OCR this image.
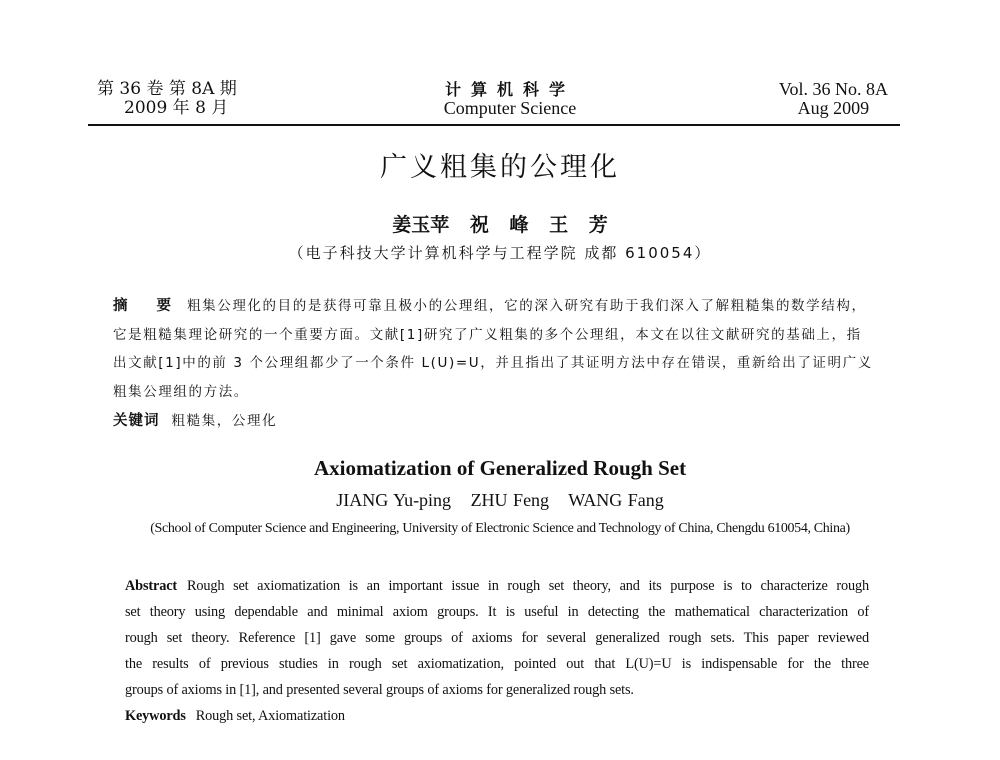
第 36 卷 第 8A 期
2009 年 8 月
计算机科学
Computer Science
Vol. 36 No. 8A
Aug 2009
广义粗集的公理化
姜玉苹 祝 峰 王 芳
（电子科技大学计算机科学与工程学院 成都 610054）
摘 要 粗集公理化的目的是获得可靠且极小的公理组，它的深入研究有助于我们深入了解粗糙集的数学结构，
它是粗糙集理论研究的一个重要方面。文献[1]研究了广义粗集的多个公理组，本文在以往文献研究的基础上，指
出文献[1]中的前 3 个公理组都少了一个条件 L(U)=U，并且指出了其证明方法中存在错误，重新给出了证明广义
粗集公理组的方法。
关键词 粗糙集，公理化
Axiomatization of Generalized Rough Set
JIANG Yu-ping ZHU Feng WANG Fang
(School of Computer Science and Engineering, University of Electronic Science and Technology of China, Chengdu 610054, China)
Abstract Rough set axiomatization is an important issue in rough set theory, and its purpose is to characterize rough
set theory using dependable and minimal axiom groups. It is useful in detecting the mathematical characterization of
rough set theory. Reference [1] gave some groups of axioms for several generalized rough sets. This paper reviewed
the results of previous studies in rough set axiomatization, pointed out that L(U)=U is indispensable for the three
groups of axioms in [1], and presented several groups of axioms for generalized rough sets.
Keywords Rough set, Axiomatization
